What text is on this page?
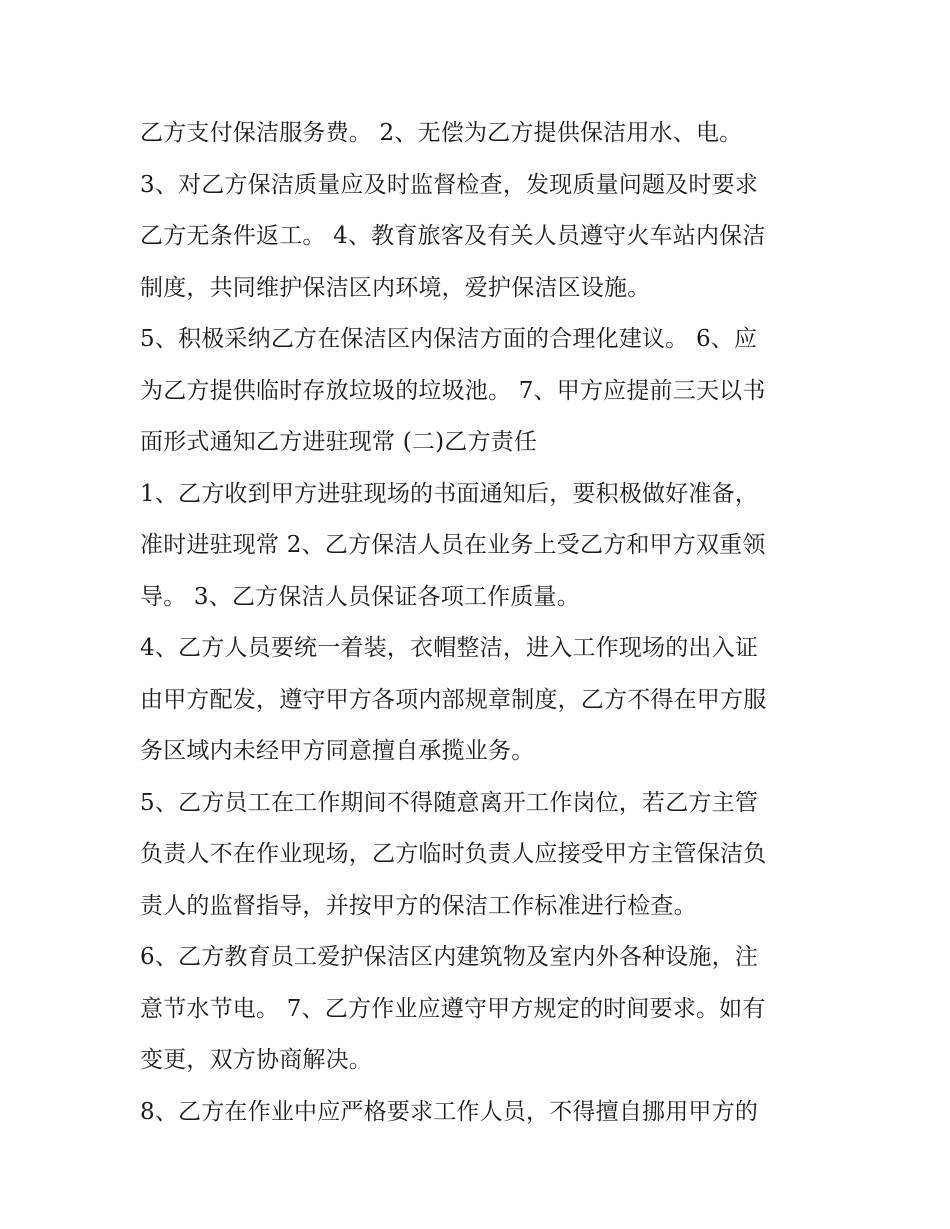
乙方支付保洁服务费。 2、无偿为乙方提供保洁用水、电。
3、对乙方保洁质量应及时监督检查，发现质量问题及时要求
乙方无条件返工。 4、教育旅客及有关人员遵守火车站内保洁
制度，共同维护保洁区内环境，爱护保洁区设施。
5、积极采纳乙方在保洁区内保洁方面的合理化建议。 6、应
为乙方提供临时存放垃圾的垃圾池。 7、甲方应提前三天以书
面形式通知乙方进驻现常 (二)乙方责任
1、乙方收到甲方进驻现场的书面通知后，要积极做好准备，
准时进驻现常 2、乙方保洁人员在业务上受乙方和甲方双重领
导。 3、乙方保洁人员保证各项工作质量。
4、乙方人员要统一着装，衣帽整洁，进入工作现场的出入证
由甲方配发，遵守甲方各项内部规章制度，乙方不得在甲方服
务区域内未经甲方同意擅自承揽业务。
5、乙方员工在工作期间不得随意离开工作岗位，若乙方主管
负责人不在作业现场，乙方临时负责人应接受甲方主管保洁负
责人的监督指导，并按甲方的保洁工作标准进行检查。
6、乙方教育员工爱护保洁区内建筑物及室内外各种设施，注
意节水节电。 7、乙方作业应遵守甲方规定的时间要求。如有
变更，双方协商解决。
8、乙方在作业中应严格要求工作人员，不得擅自挪用甲方的
